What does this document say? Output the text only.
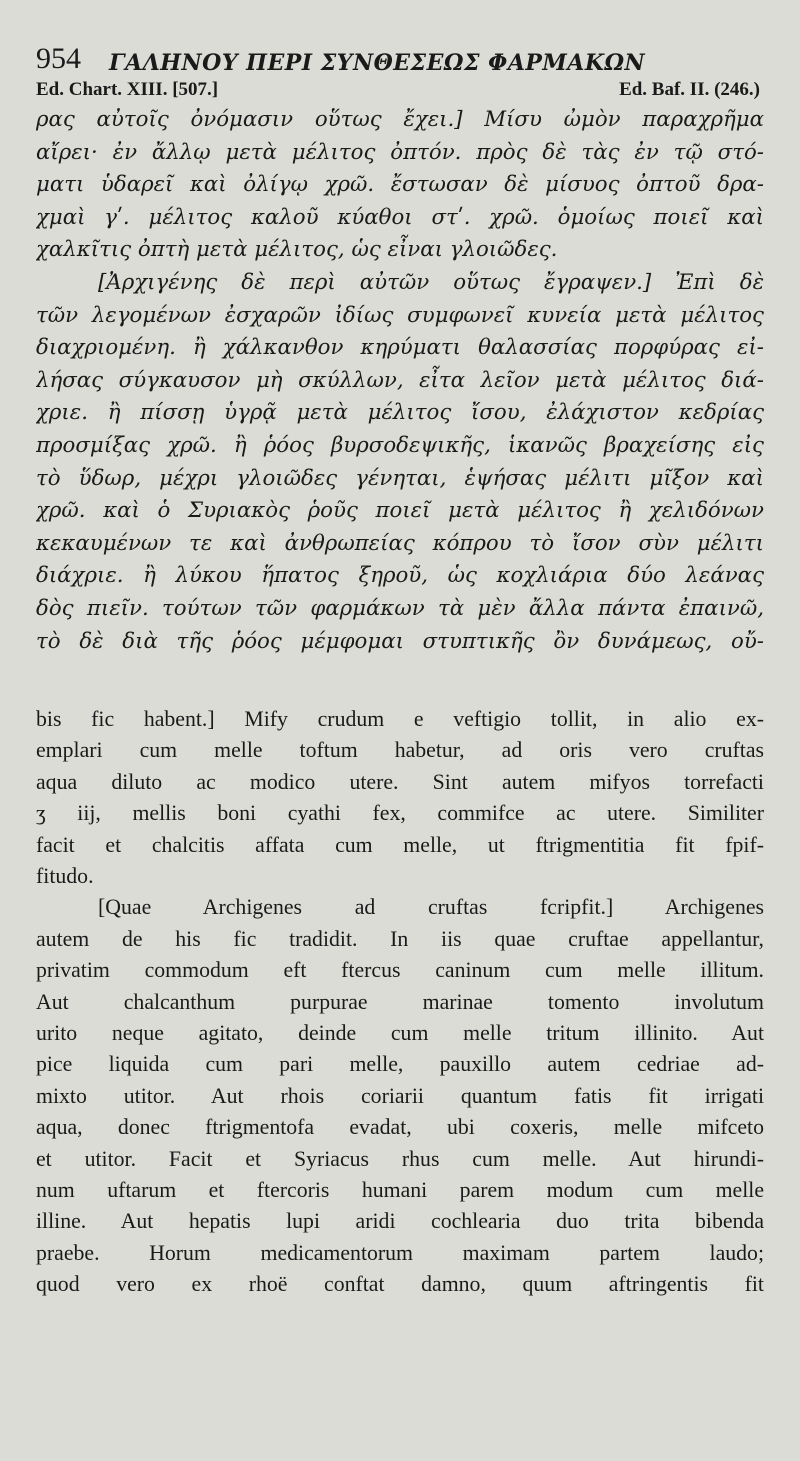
954 ΓΑΛΗΝΟΥ ΠΕΡΙ ΣΥΝΘΕΣΕΩΣ ΦΑΡΜΑΚΩΝ
Ed. Chart. XIII. [507.]	Ed. Baf. II. (246.)
ρας αὐτοῖς ὀνόμασιν οὕτως ἔχει.] Μίσυ ὠμὸν παραχρῆμα
αἴρει· ἐν ἄλλῳ μετὰ μέλιτος ὀπτόν. πρὸς δὲ τὰς ἐν τῷ στό-
ματι ὑδαρεῖ καὶ ὀλίγῳ χρῶ. ἔστωσαν δὲ μίσυος ὀπτοῦ δρα-
χμαὶ γʹ. μέλιτος καλοῦ κύαθοι στʹ. χρῶ. ὁμοίως ποιεῖ καὶ
χαλκῖτις ὀπτὴ μετὰ μέλιτος, ὡς εἶναι γλοιῶδες.
[Ἀρχιγένης δὲ περὶ αὐτῶν οὕτως ἔγραψεν.] Ἐπὶ δὲ
τῶν λεγομένων ἐσχαρῶν ἰδίως συμφωνεῖ κυνεία μετὰ μέλιτος
διαχριομένη. ἢ χάλκανθον κηρύματι θαλασσίας πορφύρας εἰ-
λήσας σύγκαυσον μὴ σκύλλων, εἶτα λεῖον μετὰ μέλιτος διά-
χριε. ἢ πίσσῃ ὑγρᾷ μετὰ μέλιτος ἴσου, ἐλάχιστον κεδρίας
προσμίξας χρῶ. ἢ ῥόος βυρσοδεψικῆς, ἱκανῶς βραχείσης εἰς
τὸ ὕδωρ, μέχρι γλοιῶδες γένηται, ἑψήσας μέλιτι μῖξον καὶ
χρῶ. καὶ ὁ Συριακὸς ῥοῦς ποιεῖ μετὰ μέλιτος ἢ χελιδόνων
κεκαυμένων τε καὶ ἀνθρωπείας κόπρου τὸ ἴσον σὺν μέλιτι
διάχριε. ἢ λύκου ἥπατος ξηροῦ, ὡς κοχλιάρια δύο λεάνας
δὸς πιεῖν. τούτων τῶν φαρμάκων τὰ μὲν ἄλλα πάντα ἐπαινῶ,
τὸ δὲ διὰ τῆς ῥόος μέμφομαι στυπτικῆς ὂν δυνάμεως, οὔ-
bis fic habent.] Mify crudum e veftigio tollit, in alio ex-
emplari cum melle toftum habetur, ad oris vero cruftas
aqua diluto ac modico utere. Sint autem mifyos torrefacti
ʒ iij, mellis boni cyathi fex, commifce ac utere. Similiter
facit et chalcitis affata cum melle, ut ftrigmentitia fit fpif-
fitudo.
[Quae Archigenes ad cruftas fcripfit.] Archigenes
autem de his fic tradidit. In iis quae cruftae appellantur,
privatim commodum eft ftercus caninum cum melle illitum.
Aut chalcanthum purpurae marinae tomento involutum
urito neque agitato, deinde cum melle tritum illinito. Aut
pice liquida cum pari melle, pauxillo autem cedriae ad-
mixto utitor. Aut rhois coriarii quantum fatis fit irrigati
aqua, donec ftrigmentofa evadat, ubi coxeris, melle mifceto
et utitor. Facit et Syriacus rhus cum melle. Aut hirundi-
num uftarum et ftercoris humani parem modum cum melle
illine. Aut hepatis lupi aridi cochlearia duo trita bibenda
praebe. Horum medicamentorum maximam partem laudo;
quod vero ex rhoë conftat damno, quum aftringentis fit
